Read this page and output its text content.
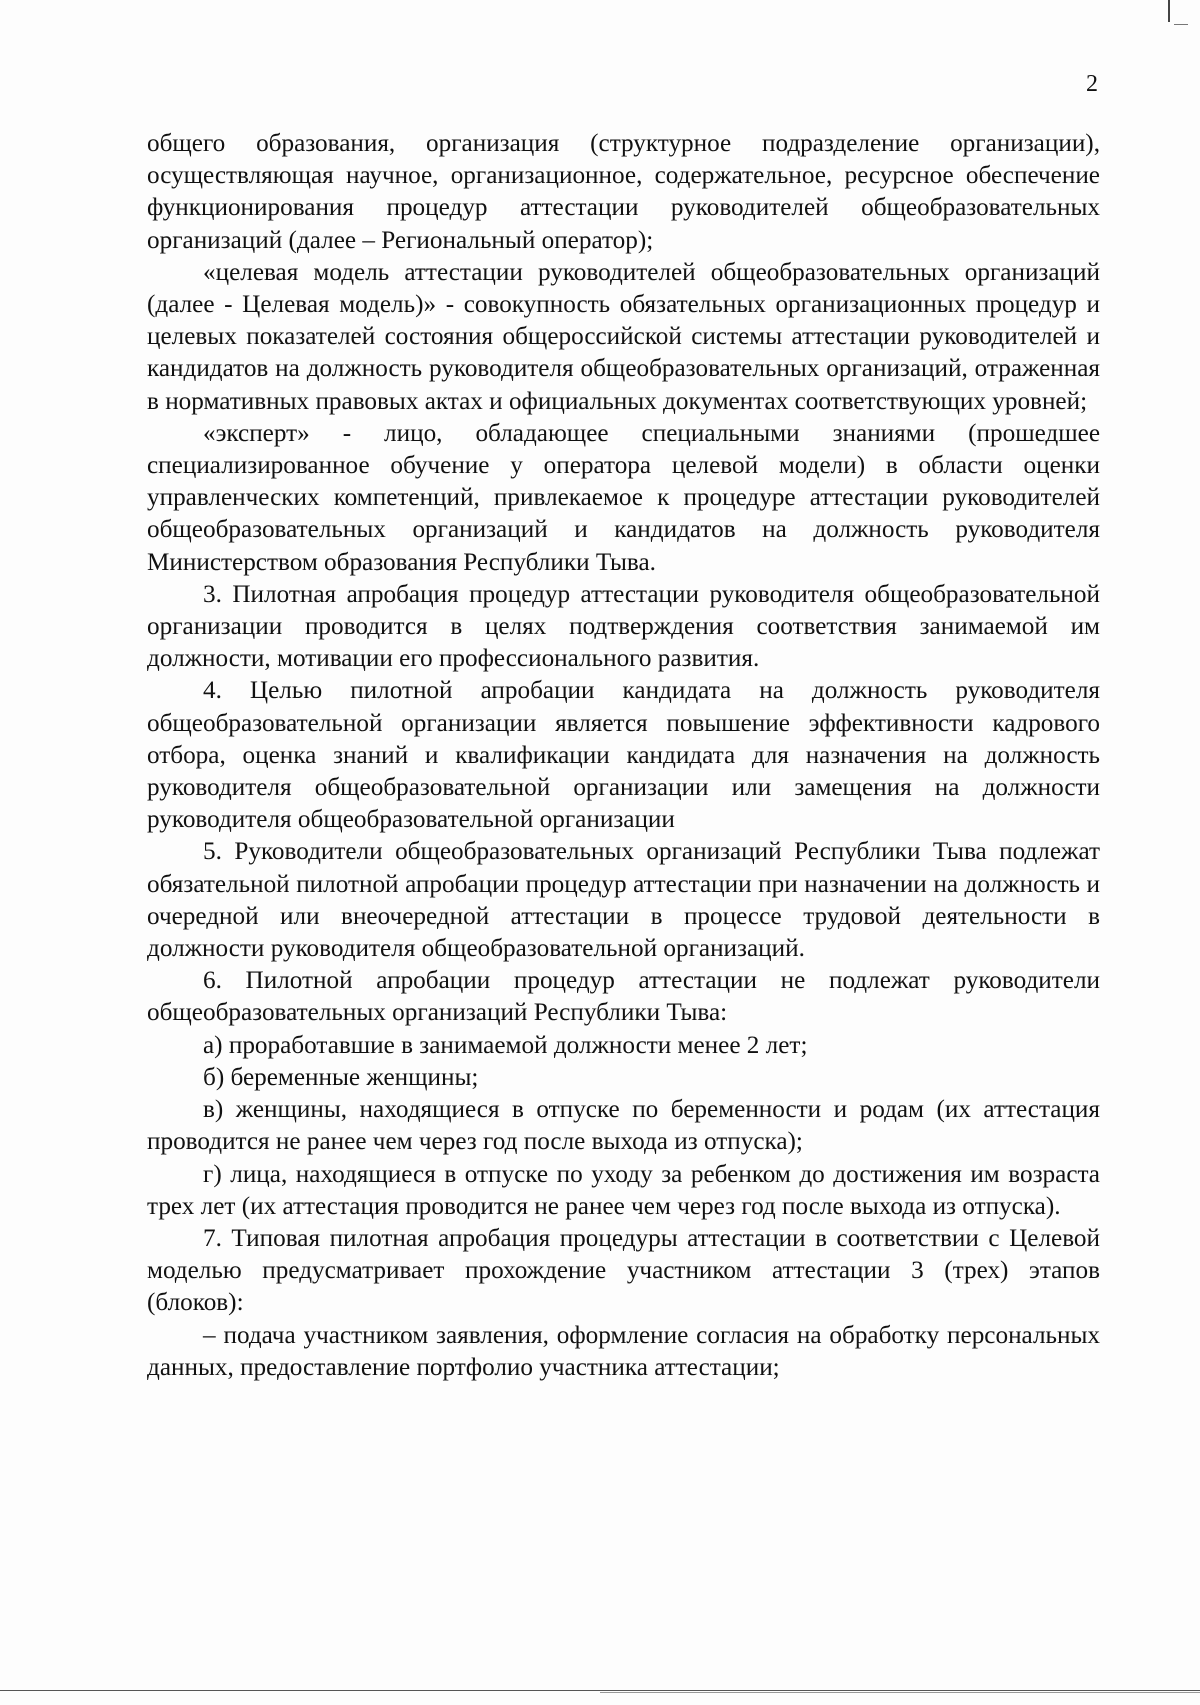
2

общего образования, организация (структурное подразделение организации), осуществляющая научное, организационное, содержательное, ресурсное обеспечение функционирования процедур аттестации руководителей общеобразовательных организаций (далее – Региональный оператор);

«целевая модель аттестации руководителей общеобразовательных организаций (далее - Целевая модель)» - совокупность обязательных организационных процедур и целевых показателей состояния общероссийской системы аттестации руководителей и кандидатов на должность руководителя общеобразовательных организаций, отраженная в нормативных правовых актах и официальных документах соответствующих уровней;

«эксперт» - лицо, обладающее специальными знаниями (прошедшее специализированное обучение у оператора целевой модели) в области оценки управленческих компетенций, привлекаемое к процедуре аттестации руководителей общеобразовательных организаций и кандидатов на должность руководителя Министерством образования Республики Тыва.

3. Пилотная апробация процедур аттестации руководителя общеобразовательной организации проводится в целях подтверждения соответствия занимаемой им должности, мотивации его профессионального развития.

4. Целью пилотной апробации кандидата на должность руководителя общеобразовательной организации является повышение эффективности кадрового отбора, оценка знаний и квалификации кандидата для назначения на должность руководителя общеобразовательной организации или замещения на должности руководителя общеобразовательной организации

5. Руководители общеобразовательных организаций Республики Тыва подлежат обязательной пилотной апробации процедур аттестации при назначении на должность и очередной или внеочередной аттестации в процессе трудовой деятельности в должности руководителя общеобразовательной организаций.

6. Пилотной апробации процедур аттестации не подлежат руководители общеобразовательных организаций Республики Тыва:

а) проработавшие в занимаемой должности менее 2 лет;

б) беременные женщины;

в) женщины, находящиеся в отпуске по беременности и родам (их аттестация проводится не ранее чем через год после выхода из отпуска);

г) лица, находящиеся в отпуске по уходу за ребенком до достижения им возраста трех лет (их аттестация проводится не ранее чем через год после выхода из отпуска).

7. Типовая пилотная апробация процедуры аттестации в соответствии с Целевой моделью предусматривает прохождение участником аттестации 3 (трех) этапов (блоков):

– подача участником заявления, оформление согласия на обработку персональных данных, предоставление портфолио участника аттестации;
